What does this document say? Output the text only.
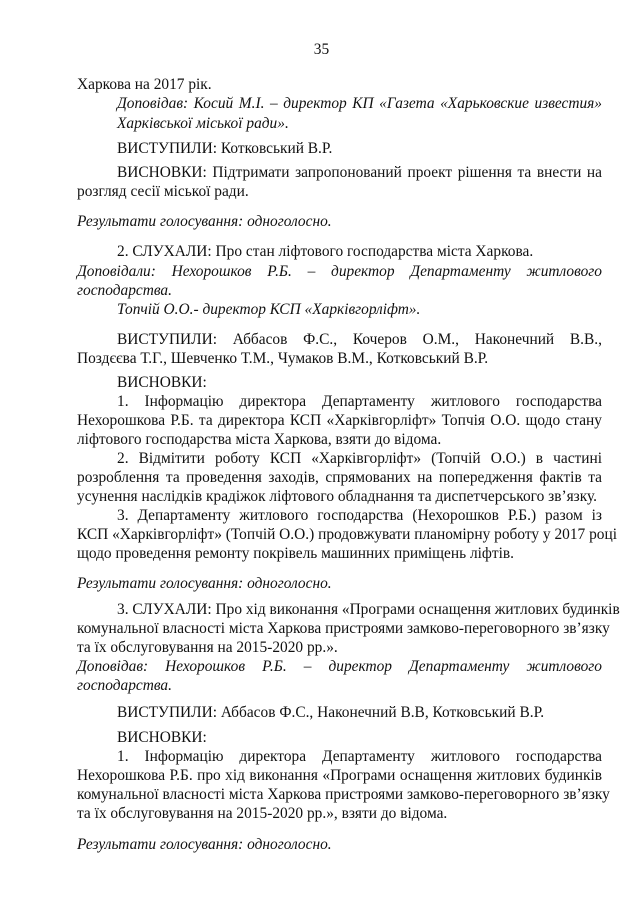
35
Харкова на 2017 рік.
Доповідав: Косий М.І. – директор КП «Газета «Харьковские известия» Харківської міської ради».
ВИСТУПИЛИ: Котковський В.Р.
ВИСНОВКИ: Підтримати запропонований проект рішення та внести на
розгляд сесії міської ради.
Результати голосування: одноголосно.
2. СЛУХАЛИ: Про стан ліфтового господарства міста Харкова.
Доповідали: Нехорошков Р.Б. – директор Департаменту житлового
господарства.
Топчій О.О.- директор КСП «Харківгорліфт».
ВИСТУПИЛИ: Аббасов Ф.С., Кочеров О.М., Наконечний В.В.,
Поздєєва Т.Г., Шевченко Т.М., Чумаков В.М., Котковський В.Р.
ВИСНОВКИ:
1. Інформацію директора Департаменту житлового господарства
Нехорошкова Р.Б. та директора КСП «Харківгорліфт» Топчія О.О. щодо стану
ліфтового господарства міста Харкова, взяти до відома.
2. Відмітити роботу КСП «Харківгорліфт» (Топчій О.О.) в частині
розроблення та проведення заходів, спрямованих на попередження фактів та
усунення наслідків крадіжок ліфтового обладнання та диспетчерського зв’язку.
3. Департаменту житлового господарства (Нехорошков Р.Б.) разом із
КСП «Харківгорліфт» (Топчій О.О.) продовжувати планомірну роботу у 2017 році
щодо проведення ремонту покрівель машинних приміщень ліфтів.
Результати голосування: одноголосно.
3. СЛУХАЛИ: Про хід виконання «Програми оснащення житлових будинків
комунальної власності міста Харкова пристроями замково-переговорного зв’язку
та їх обслуговування на 2015-2020 рр.».
Доповідав: Нехорошков Р.Б. – директор Департаменту житлового
господарства.
ВИСТУПИЛИ: Аббасов Ф.С., Наконечний В.В, Котковський В.Р.
ВИСНОВКИ:
1. Інформацію директора Департаменту житлового господарства
Нехорошкова Р.Б. про хід виконання «Програми оснащення житлових будинків
комунальної власності міста Харкова пристроями замково-переговорного зв’язку
та їх обслуговування на 2015-2020 рр.», взяти до відома.
Результати голосування: одноголосно.
